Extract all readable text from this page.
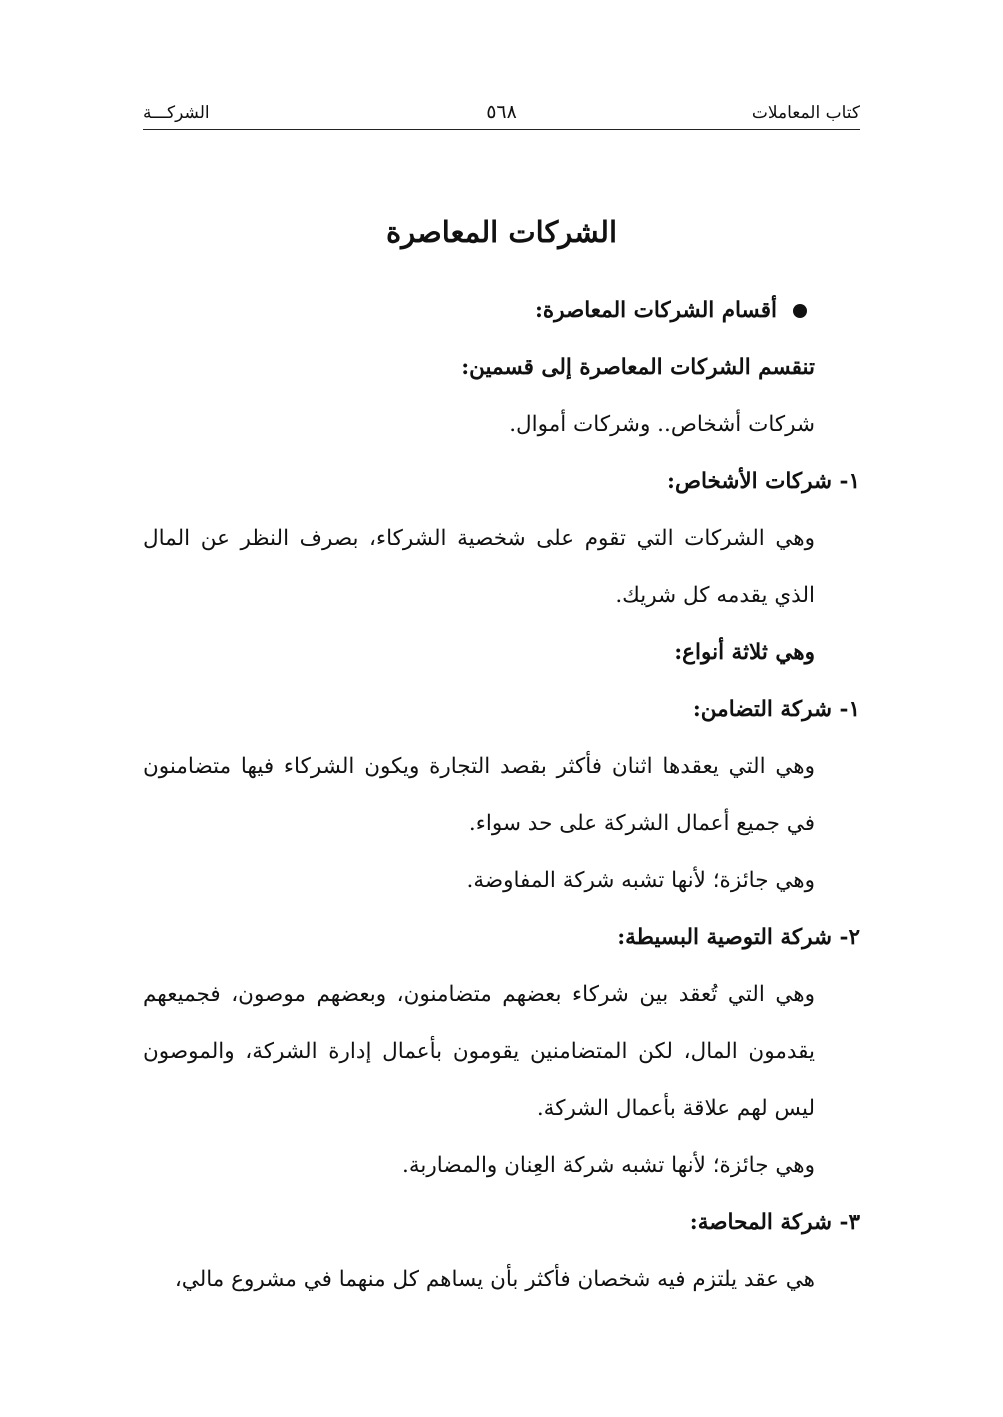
كتاب المعاملات
٥٦٨
الشركـــة
الشركات المعاصرة

أقسام الشركات المعاصرة:

تنقسم الشركات المعاصرة إلى قسمين:

شركات أشخاص.. وشركات أموال.

١- شركات الأشخاص:

وهي الشركات التي تقوم على شخصية الشركاء، بصرف النظر عن المال الذي يقدمه كل شريك.

وهي ثلاثة أنواع:

١- شركة التضامن:

وهي التي يعقدها اثنان فأكثر بقصد التجارة ويكون الشركاء فيها متضامنون في جميع أعمال الشركة على حد سواء.

وهي جائزة؛ لأنها تشبه شركة المفاوضة.

٢- شركة التوصية البسيطة:

وهي التي تُعقد بين شركاء بعضهم متضامنون، وبعضهم موصون، فجميعهم يقدمون المال، لكن المتضامنين يقومون بأعمال إدارة الشركة، والموصون ليس لهم علاقة بأعمال الشركة.

وهي جائزة؛ لأنها تشبه شركة العِنان والمضاربة.

٣- شركة المحاصة:

هي عقد يلتزم فيه شخصان فأكثر بأن يساهم كل منهما في مشروع مالي،
